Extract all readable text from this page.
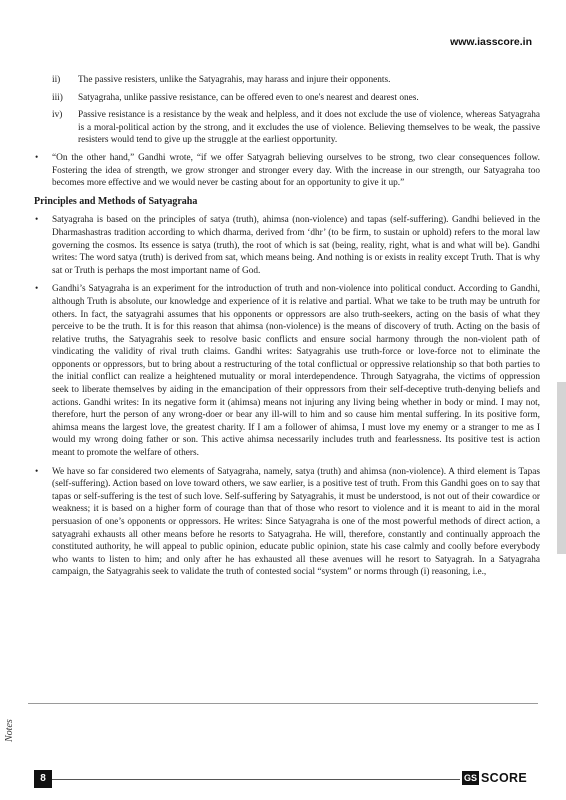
www.iasscore.in
ii) The passive resisters, unlike the Satyagrahis, may harass and injure their opponents.
iii) Satyagraha, unlike passive resistance, can be offered even to one's nearest and dearest ones.
iv) Passive resistance is a resistance by the weak and helpless, and it does not exclude the use of violence, whereas Satyagraha is a moral-political action by the strong, and it excludes the use of violence. Believing themselves to be weak, the passive resisters would tend to give up the struggle at the earliest opportunity.
• “On the other hand,” Gandhi wrote, “if we offer Satyagrah believing ourselves to be strong, two clear consequences follow. Fostering the idea of strength, we grow stronger and stronger every day. With the increase in our strength, our Satyagraha too becomes more effective and we would never be casting about for an opportunity to give it up.”
Principles and Methods of Satyagraha
• Satyagraha is based on the principles of satya (truth), ahimsa (non-violence) and tapas (self-suffering). Gandhi believed in the Dharmashastras tradition according to which dharma, derived from ‘dhr’ (to be firm, to sustain or uphold) refers to the moral law governing the cosmos. Its essence is satya (truth), the root of which is sat (being, reality, right, what is and what will be). Gandhi writes: The word satya (truth) is derived from sat, which means being. And nothing is or exists in reality except Truth. That is why sat or Truth is perhaps the most important name of God.
• Gandhi’s Satyagraha is an experiment for the introduction of truth and non-violence into political conduct. According to Gandhi, although Truth is absolute, our knowledge and experience of it is relative and partial. What we take to be truth may be untruth for others. In fact, the satyagrahi assumes that his opponents or oppressors are also truth-seekers, acting on the basis of what they perceive to be the truth. It is for this reason that ahimsa (non-violence) is the means of discovery of truth. Acting on the basis of relative truths, the Satyagrahis seek to resolve basic conflicts and ensure social harmony through the non-violent path of vindicating the validity of rival truth claims. Gandhi writes: Satyagrahis use truth-force or love-force not to eliminate the opponents or oppressors, but to bring about a restructuring of the total conflictual or oppressive relationship so that both parties to the initial conflict can realize a heightened mutuality or moral interdependence. Through Satyagraha, the victims of oppression seek to liberate themselves by aiding in the emancipation of their oppressors from their self-deceptive truth-denying beliefs and actions. Gandhi writes: In its negative form it (ahimsa) means not injuring any living being whether in body or mind. I may not, therefore, hurt the person of any wrong-doer or bear any ill-will to him and so cause him mental suffering. In its positive form, ahimsa means the largest love, the greatest charity. If I am a follower of ahimsa, I must love my enemy or a stranger to me as I would my wrong doing father or son. This active ahimsa necessarily includes truth and fearlessness. Its positive test is action meant to promote the welfare of others.
• We have so far considered two elements of Satyagraha, namely, satya (truth) and ahimsa (non-violence). A third element is Tapas (self-suffering). Action based on love toward others, we saw earlier, is a positive test of truth. From this Gandhi goes on to say that tapas or self-suffering is the test of such love. Self-suffering by Satyagrahis, it must be understood, is not out of their cowardice or weakness; it is based on a higher form of courage than that of those who resort to violence and it is meant to aid in the moral persuasion of one’s opponents or oppressors. He writes: Since Satyagraha is one of the most powerful methods of direct action, a satyagrahi exhausts all other means before he resorts to Satyagraha. He will, therefore, constantly and continually approach the constituted authority, he will appeal to public opinion, educate public opinion, state his case calmly and coolly before everybody who wants to listen to him; and only after he has exhausted all these avenues will he resort to Satyagrah. In a Satyagraha campaign, the Satyagrahis seek to validate the truth of contested social “system” or norms through (i) reasoning, i.e.,
Notes
8	GS SCORE
